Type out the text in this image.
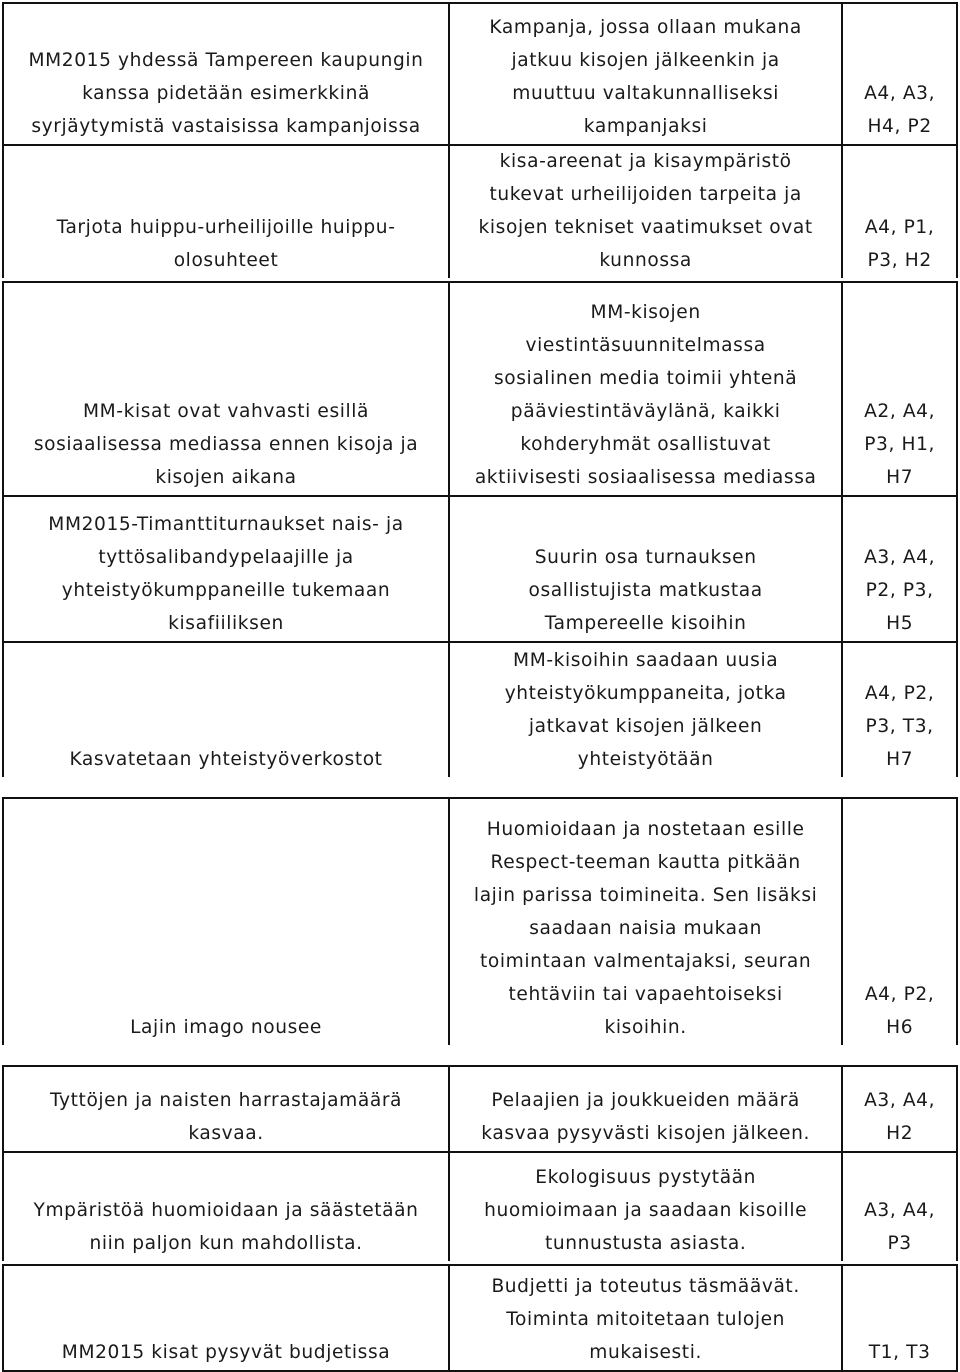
MM2015 yhdessä Tampereen kaupungin
kanssa pidetään esimerkkinä
syrjäytymistä vastaisissa kampanjoissa
Kampanja, jossa ollaan mukana
jatkuu kisojen jälkeenkin ja
muuttuu valtakunnalliseksi
kampanjaksi
A4, A3,
H4, P2
Tarjota huippu-urheilijoille huippu-
olosuhteet
kisa-areenat ja kisaympäristö
tukevat urheilijoiden tarpeita ja
kisojen tekniset vaatimukset ovat
kunnossa
A4, P1,
P3, H2
MM-kisat ovat vahvasti esillä
sosiaalisessa mediassa ennen kisoja ja
kisojen aikana
MM-kisojen
viestintäsuunnitelmassa
sosialinen media toimii yhtenä
pääviestintäväylänä, kaikki
kohderyhmät osallistuvat
aktiivisesti sosiaalisessa mediassa
A2, A4,
P3, H1,
H7
MM2015-Timanttiturnaukset nais- ja
tyttösalibandypelaajille ja
yhteistyökumppaneille tukemaan
kisafiiliksen
Suurin osa turnauksen
osallistujista matkustaa
Tampereelle kisoihin
A3, A4,
P2, P3,
H5
Kasvatetaan yhteistyöverkostot
MM-kisoihin saadaan uusia
yhteistyökumppaneita, jotka
jatkavat kisojen jälkeen
yhteistyötään
A4, P2,
P3, T3,
H7
Lajin imago nousee
Huomioidaan ja nostetaan esille
Respect-teeman kautta pitkään
lajin parissa toimineita. Sen lisäksi
saadaan naisia mukaan
toimintaan valmentajaksi, seuran
tehtäviin tai vapaehtoiseksi
kisoihin.
A4, P2,
H6
Tyttöjen ja naisten harrastajamäärä
kasvaa.
Pelaajien ja joukkueiden määrä
kasvaa pysyvästi kisojen jälkeen.
A3, A4,
H2
Ympäristöä huomioidaan ja säästetään
niin paljon kun mahdollista.
Ekologisuus pystytään
huomioimaan ja saadaan kisoille
tunnustusta asiasta.
A3, A4,
P3
MM2015 kisat pysyvät budjetissa
Budjetti ja toteutus täsmäävät.
Toiminta mitoitetaan tulojen
mukaisesti.	T1, T3
